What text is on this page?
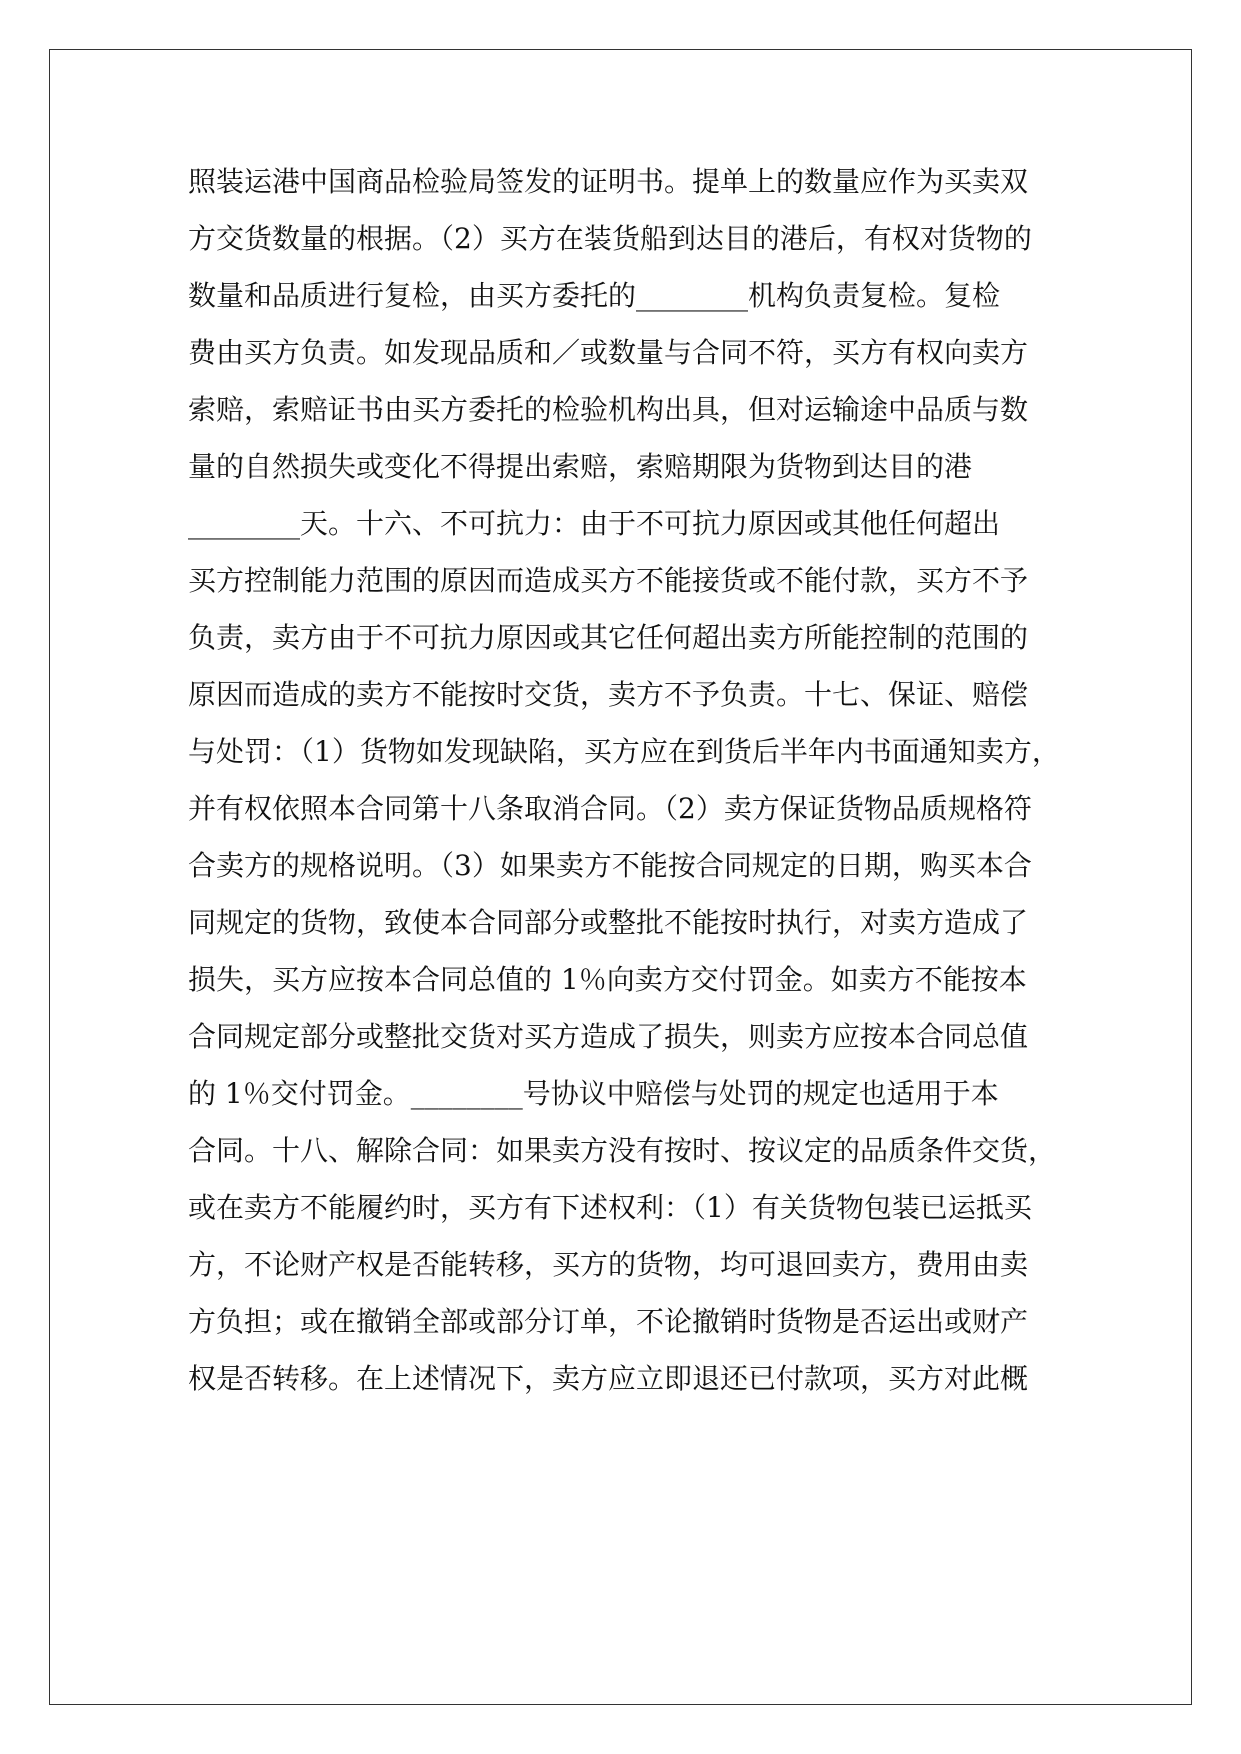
照装运港中国商品检验局签发的证明书。提单上的数量应作为买卖双
方交货数量的根据。（2）买方在装货船到达目的港后，有权对货物的
数量和品质进行复检，由买方委托的________机构负责复检。复检
费由买方负责。如发现品质和／或数量与合同不符，买方有权向卖方
索赔，索赔证书由买方委托的检验机构出具，但对运输途中品质与数
量的自然损失或变化不得提出索赔，索赔期限为货物到达目的港
________天。十六、不可抗力：由于不可抗力原因或其他任何超出
买方控制能力范围的原因而造成买方不能接货或不能付款，买方不予
负责，卖方由于不可抗力原因或其它任何超出卖方所能控制的范围的
原因而造成的卖方不能按时交货，卖方不予负责。十七、保证、赔偿
与处罚：（1）货物如发现缺陷，买方应在到货后半年内书面通知卖方，
并有权依照本合同第十八条取消合同。（2）卖方保证货物品质规格符
合卖方的规格说明。（3）如果卖方不能按合同规定的日期，购买本合
同规定的货物，致使本合同部分或整批不能按时执行，对卖方造成了
损失，买方应按本合同总值的 1％向卖方交付罚金。如卖方不能按本
合同规定部分或整批交货对买方造成了损失，则卖方应按本合同总值
的 1％交付罚金。________号协议中赔偿与处罚的规定也适用于本
合同。十八、解除合同：如果卖方没有按时、按议定的品质条件交货，
或在卖方不能履约时，买方有下述权利：（1）有关货物包装已运抵买
方，不论财产权是否能转移，买方的货物，均可退回卖方，费用由卖
方负担；或在撤销全部或部分订单，不论撤销时货物是否运出或财产
权是否转移。在上述情况下，卖方应立即退还已付款项，买方对此概
